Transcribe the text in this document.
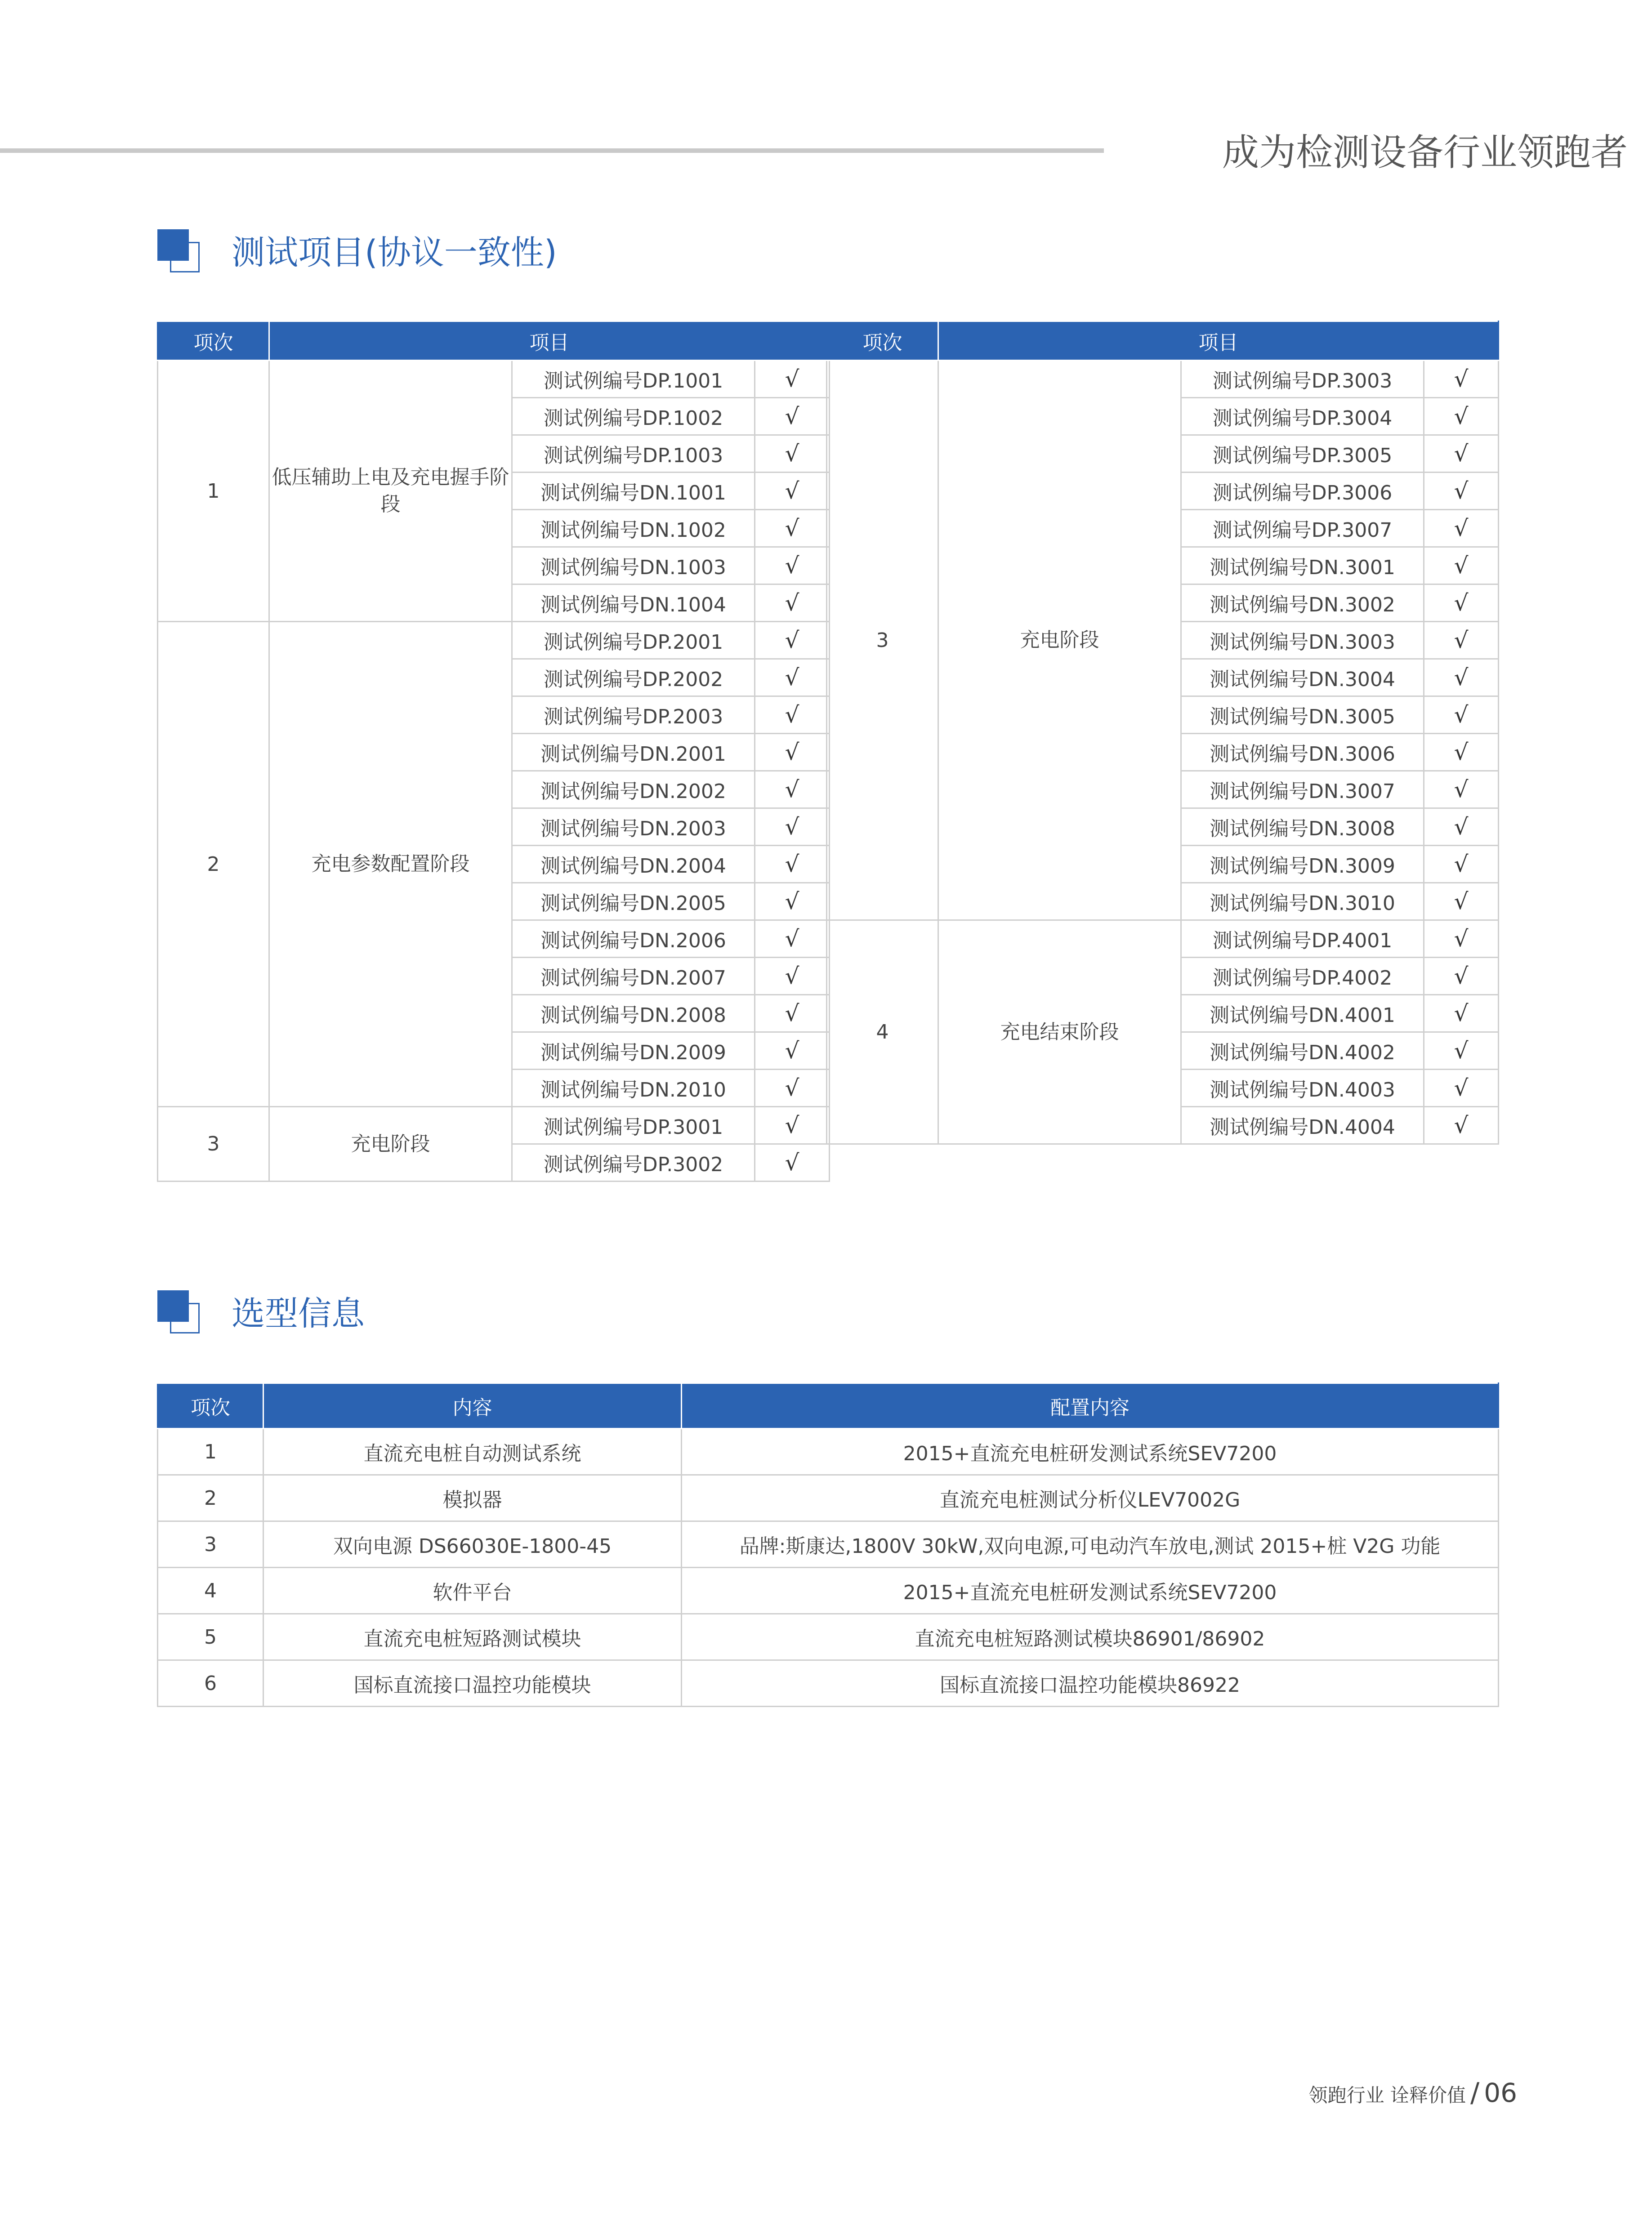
成为检测设备行业领跑者
测试项目(协议一致性)
项次	项目		
1	低压辅助上电及充电握手阶段	测试例编号DP.1001	√
		测试例编号DP.1002	√
		测试例编号DP.1003	√
		测试例编号DN.1001	√
		测试例编号DN.1002	√
		测试例编号DN.1003	√
		测试例编号DN.1004	√
2	充电参数配置阶段	测试例编号DP.2001	√
		测试例编号DP.2002	√
		测试例编号DP.2003	√
		测试例编号DN.2001	√
		测试例编号DN.2002	√
		测试例编号DN.2003	√
		测试例编号DN.2004	√
		测试例编号DN.2005	√
		测试例编号DN.2006	√
		测试例编号DN.2007	√
		测试例编号DN.2008	√
		测试例编号DN.2009	√
		测试例编号DN.2010	√
3	充电阶段	测试例编号DP.3001	√
		测试例编号DP.3002	√
项次	项目		
3	充电阶段	测试例编号DP.3003	√
		测试例编号DP.3004	√
		测试例编号DP.3005	√
		测试例编号DP.3006	√
		测试例编号DP.3007	√
		测试例编号DN.3001	√
		测试例编号DN.3002	√
		测试例编号DN.3003	√
		测试例编号DN.3004	√
		测试例编号DN.3005	√
		测试例编号DN.3006	√
		测试例编号DN.3007	√
		测试例编号DN.3008	√
		测试例编号DN.3009	√
		测试例编号DN.3010	√
4	充电结束阶段	测试例编号DP.4001	√
		测试例编号DP.4002	√
		测试例编号DN.4001	√
		测试例编号DN.4002	√
		测试例编号DN.4003	√
		测试例编号DN.4004	√
选型信息
项次	内容	配置内容
1	直流充电桩自动测试系统	2015+直流充电桩研发测试系统SEV7200
2	模拟器	直流充电桩测试分析仪LEV7002G
3	双向电源 DS66030E-1800-45	品牌:斯康达,1800V 30kW,双向电源,可电动汽车放电,测试 2015+桩 V2G 功能
4	软件平台	2015+直流充电桩研发测试系统SEV7200
5	直流充电桩短路测试模块	直流充电桩短路测试模块86901/86902
6	国标直流接口温控功能模块	国标直流接口温控功能模块86922
领跑行业 诠释价值 / 06
